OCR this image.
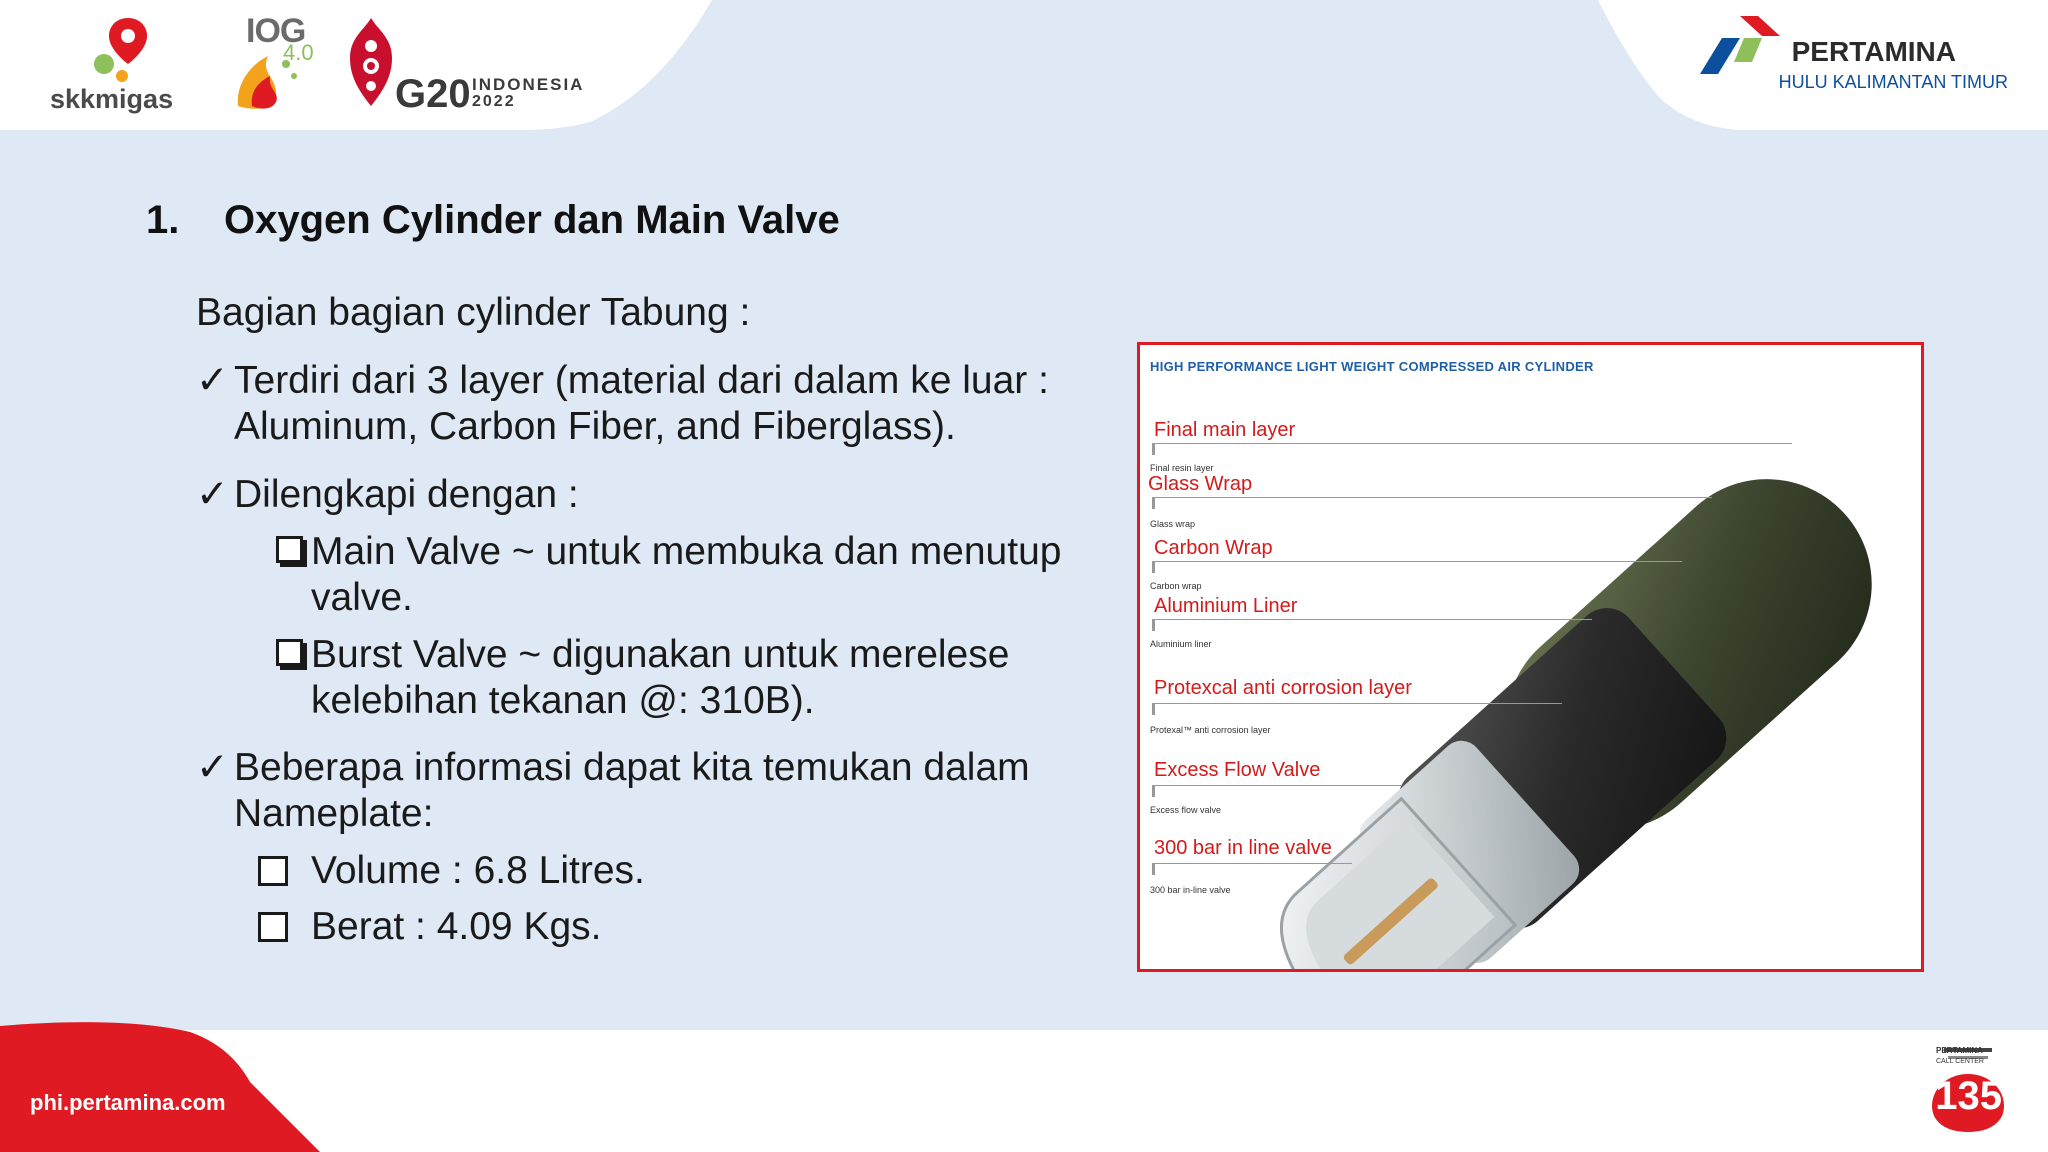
skkmigas
IOG
4.0
G20 INDONESIA
2022
PERTAMINA
HULU KALIMANTAN TIMUR
1. Oxygen Cylinder dan Main Valve
Bagian bagian cylinder Tabung :
✓ Terdiri dari 3 layer (material dari dalam ke luar :
Aluminum, Carbon Fiber, and Fiberglass).
✓ Dilengkapi dengan :
Main Valve ~ untuk membuka dan menutup
valve.
Burst Valve ~ digunakan untuk merelese
kelebihan tekanan @: 310B).
✓ Beberapa informasi dapat kita temukan dalam
Nameplate:
Volume : 6.8 Litres.
Berat : 4.09 Kgs.
HIGH PERFORMANCE LIGHT WEIGHT COMPRESSED AIR CYLINDER
Final main layer
Final resin layer
Glass Wrap
Glass wrap
Carbon Wrap
Carbon wrap
Aluminium Liner
Aluminium liner
Protexcal anti corrosion layer
Protexal™ anti corrosion layer
Excess Flow Valve
Excess flow valve
300 bar in line valve
300 bar in-line valve
phi.pertamina.com	135
PERTAMINA
CALL CENTER
